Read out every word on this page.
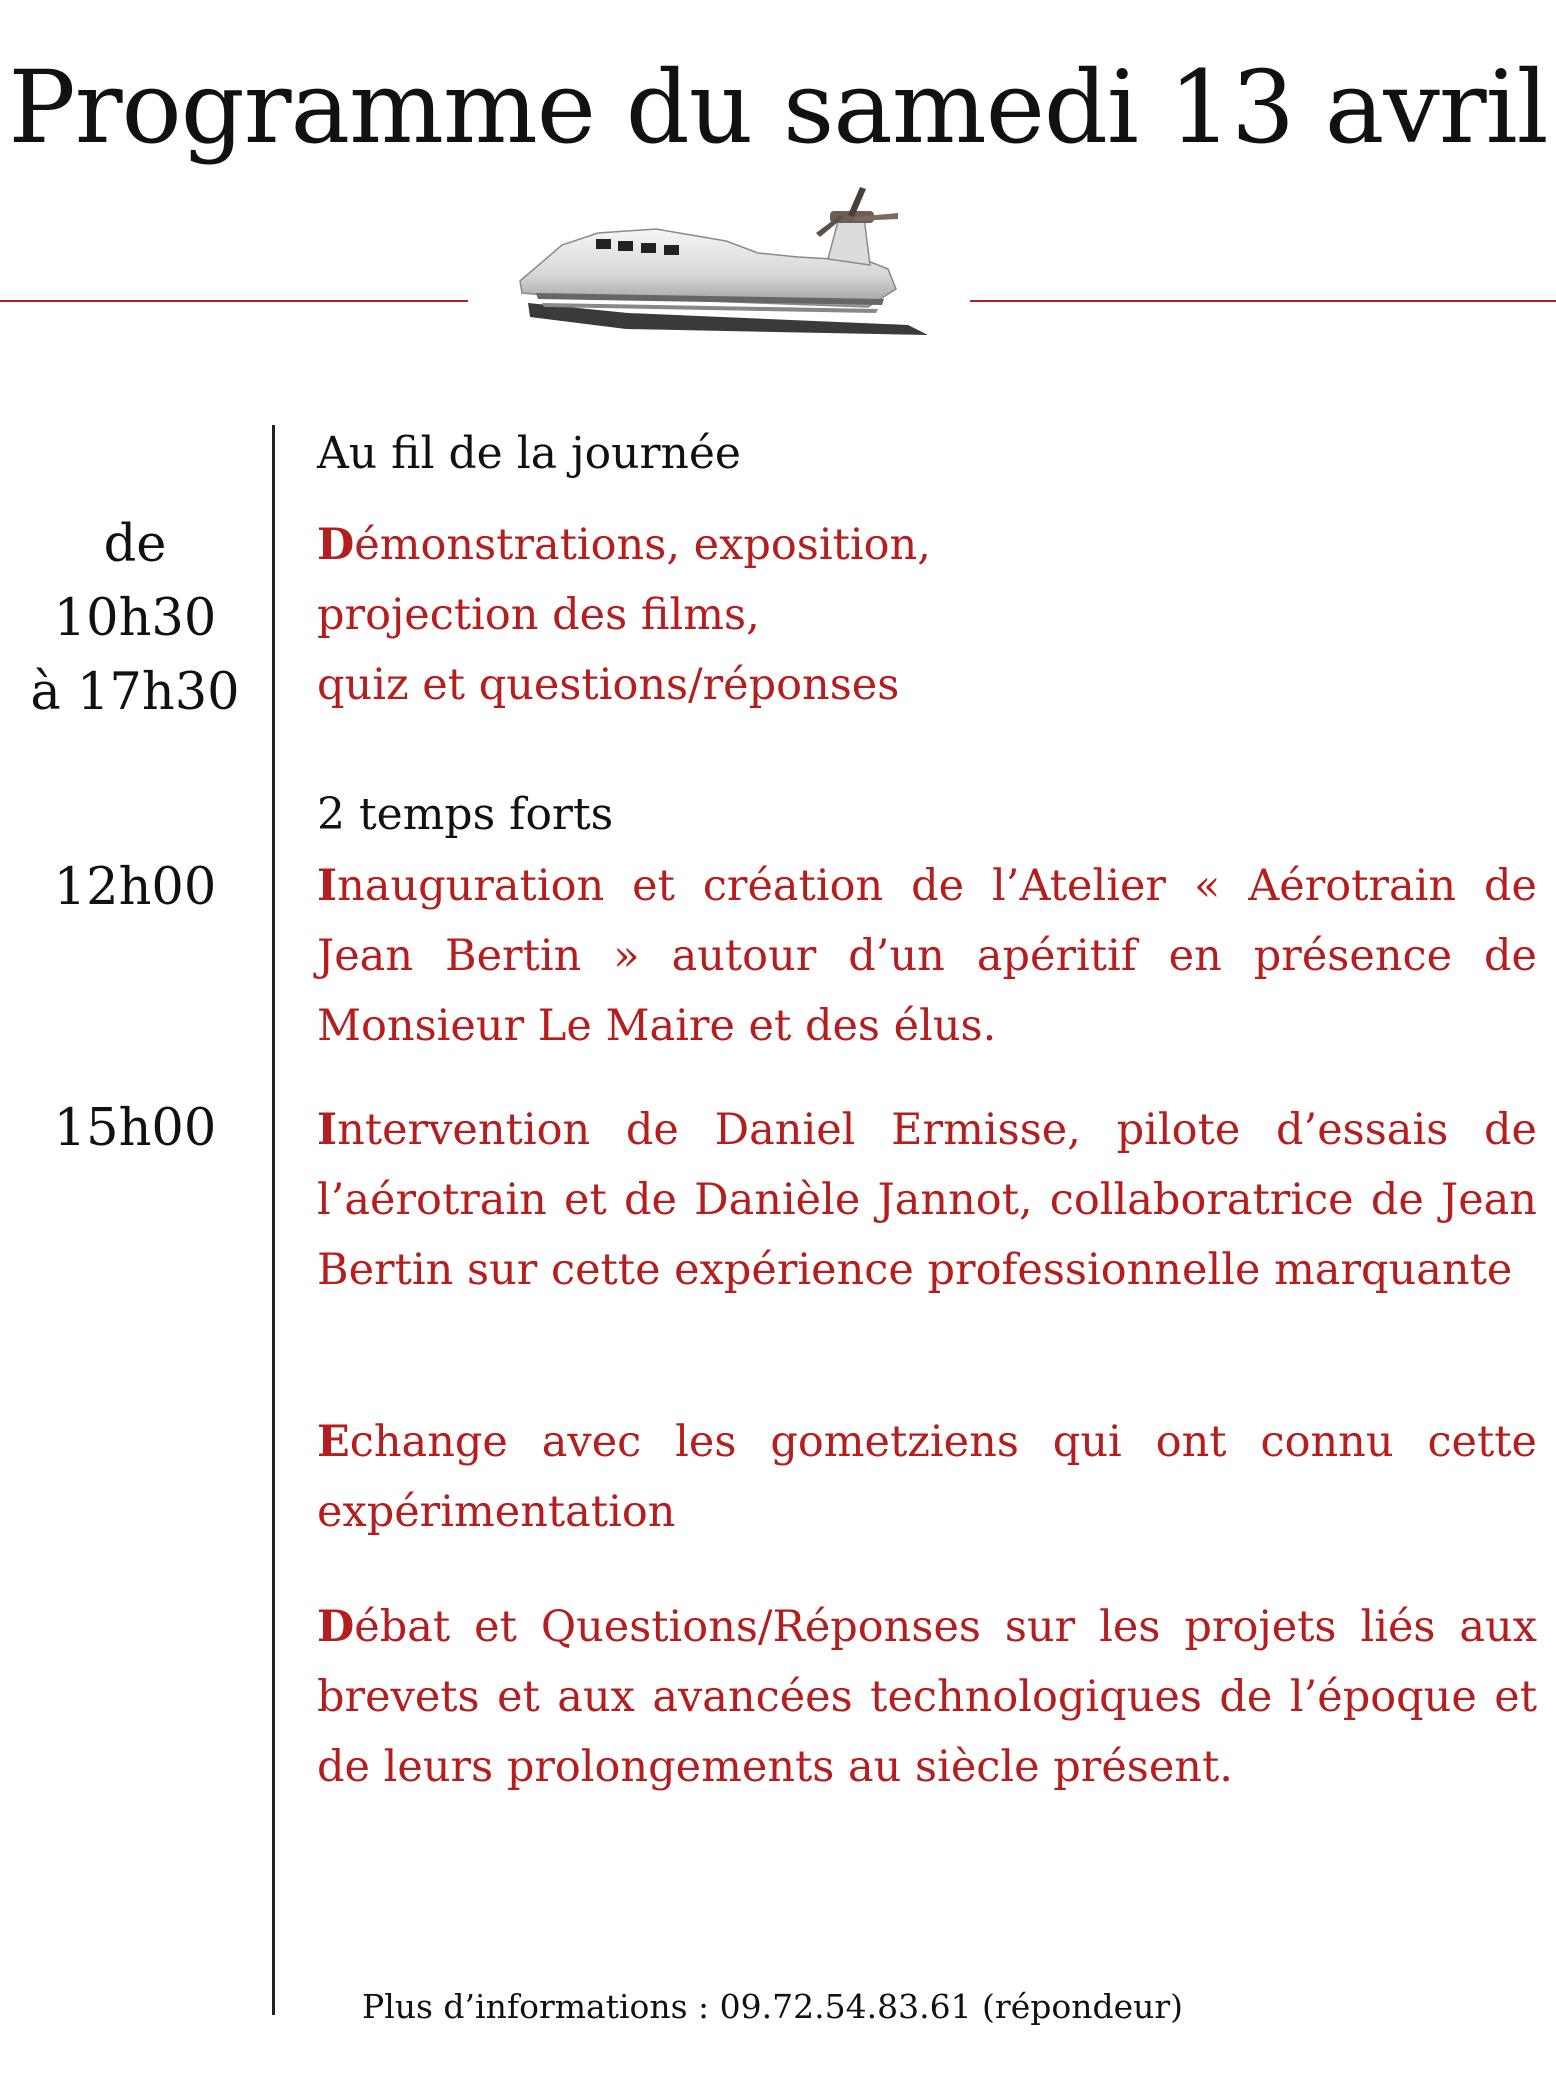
Programme du samedi 13 avril
de
10h30
à 17h30
12h00
15h00
Au fil de la journée
Démonstrations, exposition,
projection des films,
quiz et questions/réponses
2 temps forts
Inauguration et création de l’Atelier « Aérotrain de Jean Bertin » autour d’un apéritif en présence de Monsieur Le Maire et des élus.
Intervention de Daniel Ermisse, pilote d’essais de l’aérotrain et de Danièle Jannot, collaboratrice de Jean Bertin sur cette expérience professionnelle marquante
Echange avec les gometziens qui ont connu cette expérimentation
Débat et Questions/Réponses sur les projets liés aux brevets et aux avancées technologiques de l’époque et de leurs prolongements au siècle présent.
Plus d’informations : 09.72.54.83.61 (répondeur)
